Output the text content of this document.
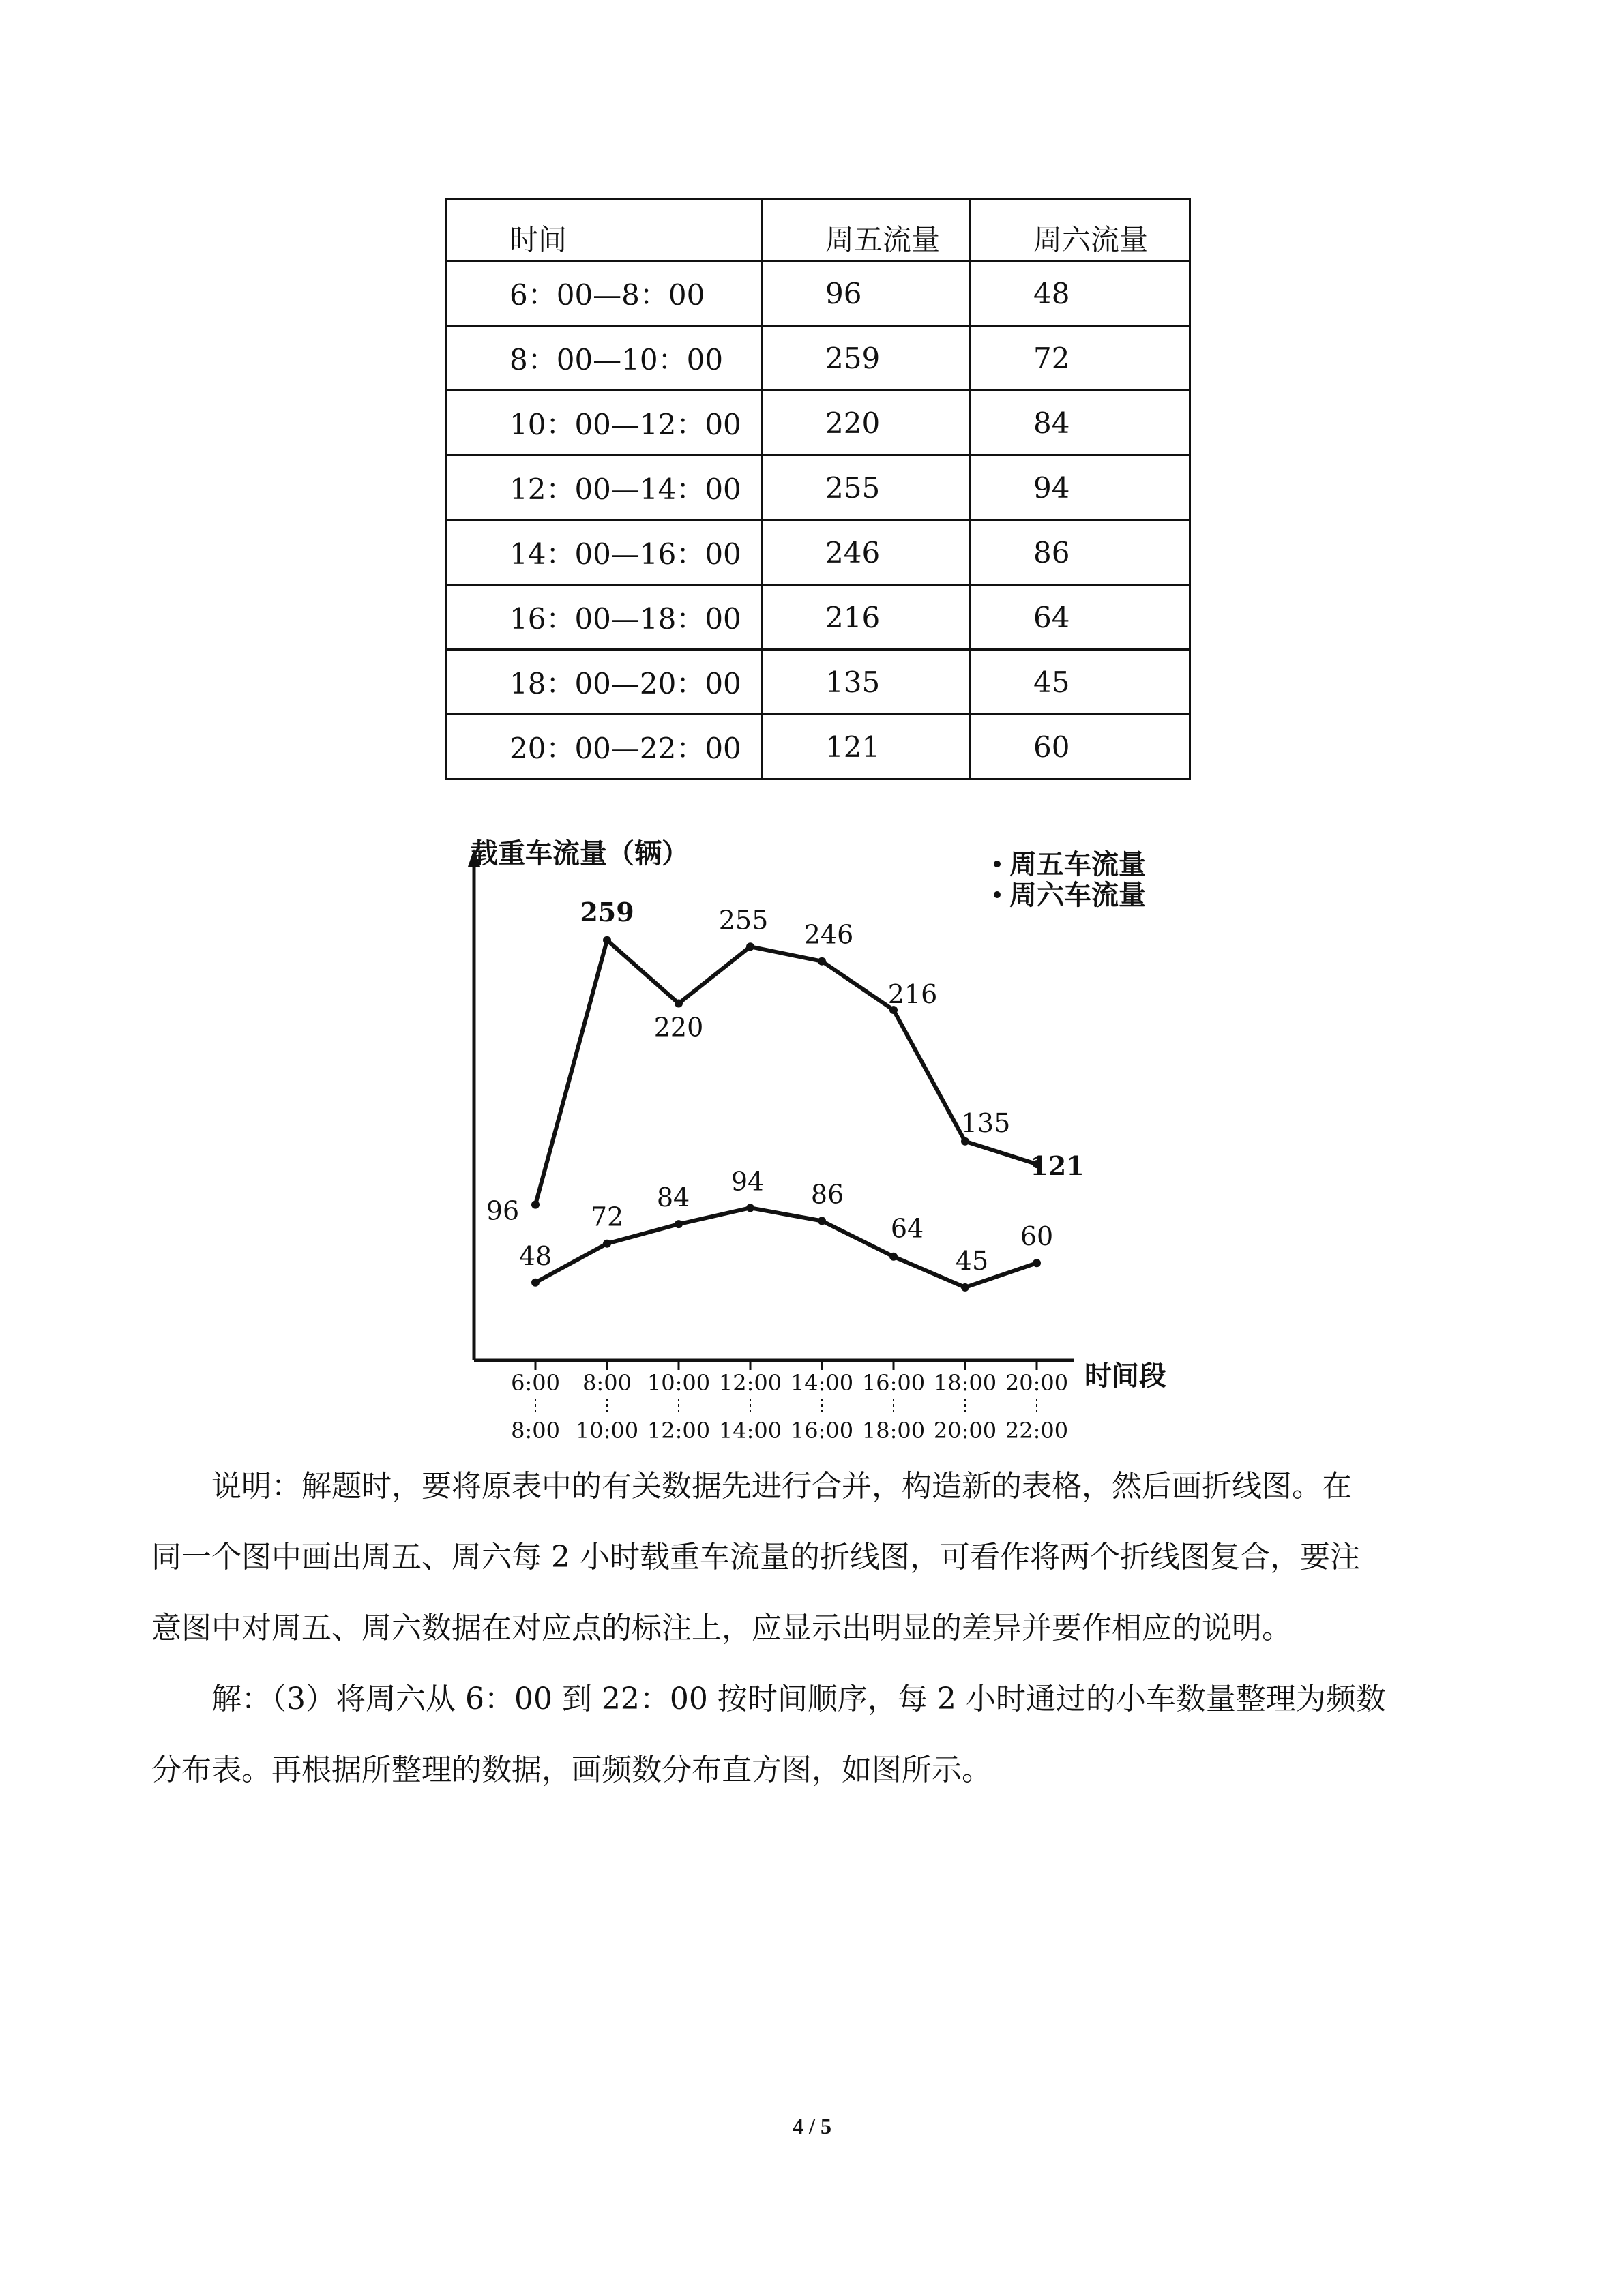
时间	周五流量	周六流量
6：00—8：00	96	48
8：00—10：00	259	72
10：00—12：00	220	84
12：00—14：00	255	94
14：00—16：00	246	86
16：00—18：00	216	64
18：00—20：00	135	45
20：00—22：00	121	60
载重车流量（辆）
时间段
周五车流量
周六车流量
6:00
8:00
8:00
10:00
10:00
12:00
12:00
14:00
14:00
16:00
16:00
18:00
18:00
20:00
20:00
22:00
96
259
220
255 246
216
135
121
48
72
84
94 86
64
45
60

说明：解题时，要将原表中的有关数据先进行合并，构造新的表格，然后画折线图。在
同一个图中画出周五、周六每 2 小时载重车流量的折线图，可看作将两个折线图复合，要注
意图中对周五、周六数据在对应点的标注上，应显示出明显的差异并要作相应的说明。

解：（3）将周六从 6：00 到 22：00 按时间顺序，每 2 小时通过的小车数量整理为频数
分布表。再根据所整理的数据，画频数分布直方图，如图所示。

4 / 5
